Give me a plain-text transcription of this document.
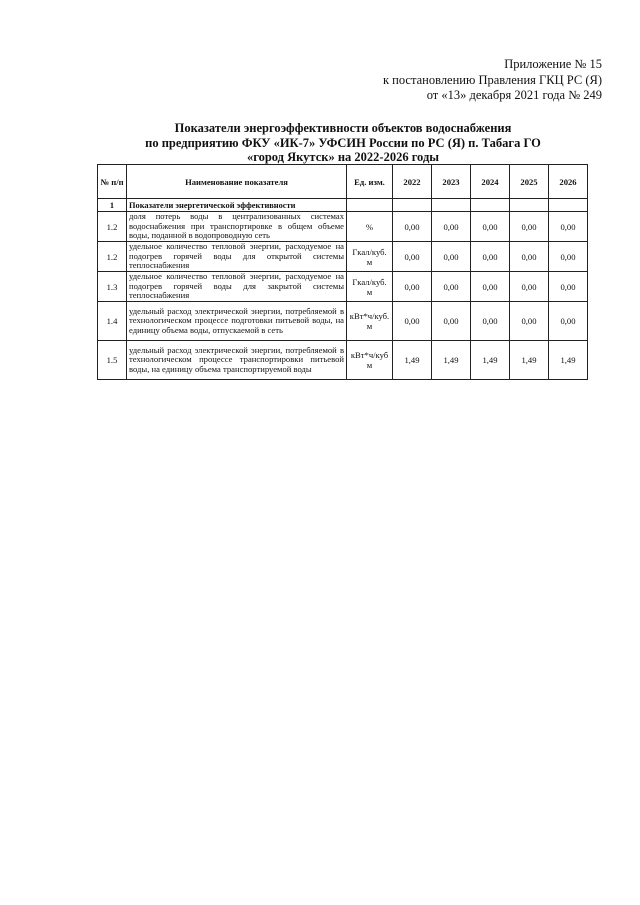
Приложение № 15
к постановлению Правления ГКЦ РС (Я)
от «13» декабря 2021 года № 249
Показатели энергоэффективности объектов водоснабжения
по предприятию ФКУ «ИК-7» УФСИН России по РС (Я) п. Табага ГО
«город Якутск» на 2022-2026 годы
№ п/п	Наименование показателя	Ед. изм.	2022	2023	2024	2025	2026
1	Показатели энергетической эффективности						
1.2	доля потерь воды в централизованных системах водоснабжения при транспортировке в общем объеме воды, поданной в водопроводную сеть	%	0,00	0,00	0,00	0,00	0,00
1.2	удельное количество тепловой энергии, расходуемое на подогрев горячей воды для открытой системы теплоснабжения	Гкал/куб. м	0,00	0,00	0,00	0,00	0,00
1.3	удельное количество тепловой энергии, расходуемое на подогрев горячей воды для закрытой системы теплоснабжения	Гкал/куб. м	0,00	0,00	0,00	0,00	0,00
1.4	удельный расход электрической энергии, потребляемой в технологическом процессе подготовки питьевой воды, на единицу объема воды, отпускаемой в сеть	кВт*ч/куб. м	0,00	0,00	0,00	0,00	0,00
1.5	удельный расход электрической энергии, потребляемой в технологическом процессе транспортировки питьевой воды, на единицу объема транспортируемой воды	кВт*ч/куб м	1,49	1,49	1,49	1,49	1,49
